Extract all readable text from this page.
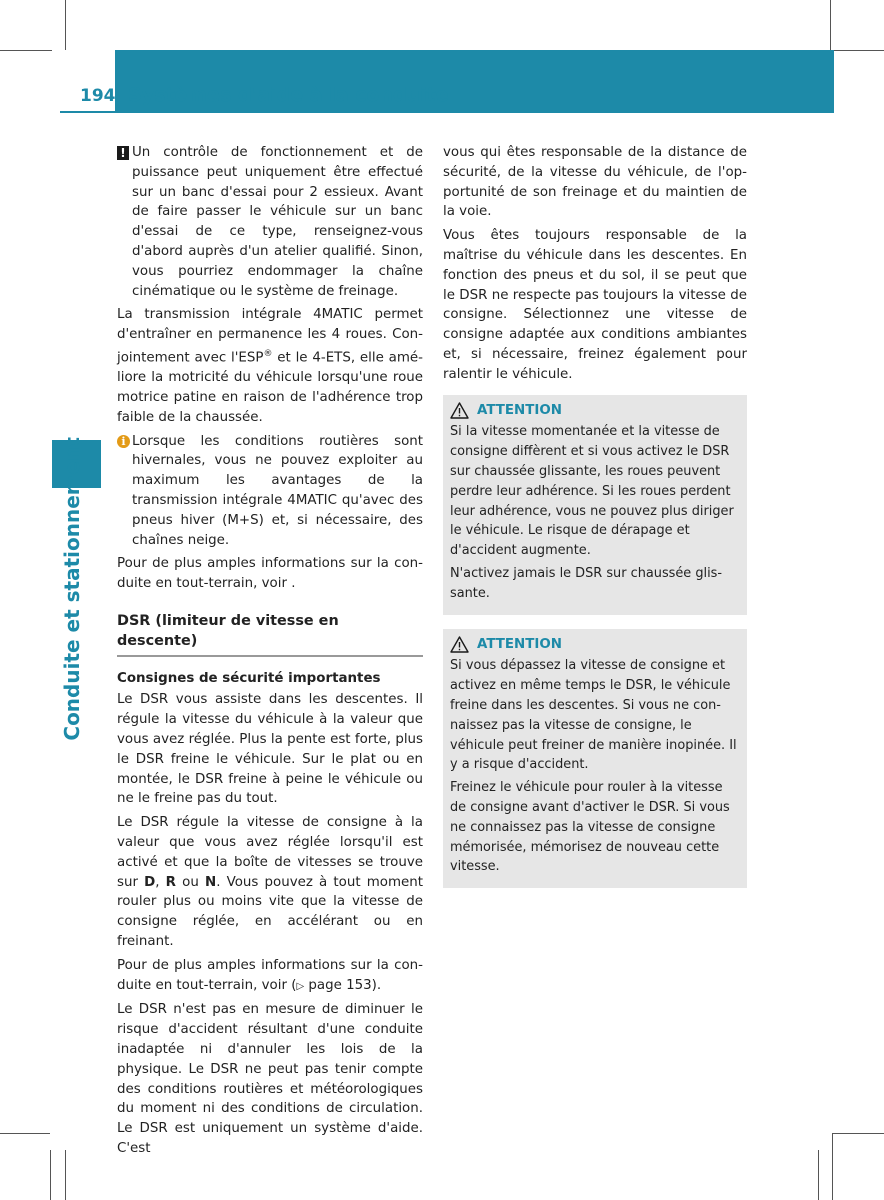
194 Systèmes d'aide à la conduite
Conduite et stationnement
! Un contrôle de fonctionnement et de puissance peut uniquement être effectué sur un banc d'essai pour 2 essieux. Avant de faire passer le véhicule sur un banc d'essai de ce type, renseignez-vous d'abord auprès d'un atelier qualifié. Sinon, vous pourriez endommager la chaîne cinématique ou le système de freinage.

La transmission intégrale 4MATIC permet d'entraîner en permanence les 4 roues. Conjointement avec l'ESP® et le 4-ETS, elle améliore la motricité du véhicule lorsqu'une roue motrice patine en raison de l'adhérence trop faible de la chaussée.

i Lorsque les conditions routières sont hivernales, vous ne pouvez exploiter au maximum les avantages de la transmission intégrale 4MATIC qu'avec des pneus hiver (M+S) et, si nécessaire, des chaînes neige.

Pour de plus amples informations sur la conduite en tout-terrain, voir .

DSR (limiteur de vitesse en descente)
Consignes de sécurité importantes

Le DSR vous assiste dans les descentes. Il régule la vitesse du véhicule à la valeur que vous avez réglée. Plus la pente est forte, plus le DSR freine le véhicule. Sur le plat ou en montée, le DSR freine à peine le véhicule ou ne le freine pas du tout.

Le DSR régule la vitesse de consigne à la valeur que vous avez réglée lorsqu'il est activé et que la boîte de vitesses se trouve sur D, R ou N. Vous pouvez à tout moment rouler plus ou moins vite que la vitesse de consigne réglée, en accélérant ou en freinant.

Pour de plus amples informations sur la conduite en tout-terrain, voir (▷ page 153).

Le DSR n'est pas en mesure de diminuer le risque d'accident résultant d'une conduite inadaptée ni d'annuler les lois de la physique. Le DSR ne peut pas tenir compte des conditions routières et météorologiques du moment ni des conditions de circulation. Le DSR est uniquement un système d'aide. C'est

vous qui êtes responsable de la distance de sécurité, de la vitesse du véhicule, de l'opportunité de son freinage et du maintien de la voie.

Vous êtes toujours responsable de la maîtrise du véhicule dans les descentes. En fonction des pneus et du sol, il se peut que le DSR ne respecte pas toujours la vitesse de consigne. Sélectionnez une vitesse de consigne adaptée aux conditions ambiantes et, si nécessaire, freinez également pour ralentir le véhicule.

ATTENTION

Si la vitesse momentanée et la vitesse de consigne diffèrent et si vous activez le DSR sur chaussée glissante, les roues peuvent perdre leur adhérence. Si les roues perdent leur adhérence, vous ne pouvez plus diriger le véhicule. Le risque de dérapage et d'accident augmente.

N'activez jamais le DSR sur chaussée glissante.

ATTENTION

Si vous dépassez la vitesse de consigne et activez en même temps le DSR, le véhicule freine dans les descentes. Si vous ne connaissez pas la vitesse de consigne, le véhicule peut freiner de manière inopinée. Il y a risque d'accident.

Freinez le véhicule pour rouler à la vitesse de consigne avant d'activer le DSR. Si vous ne connaissez pas la vitesse de consigne mémorisée, mémorisez de nouveau cette vitesse.
